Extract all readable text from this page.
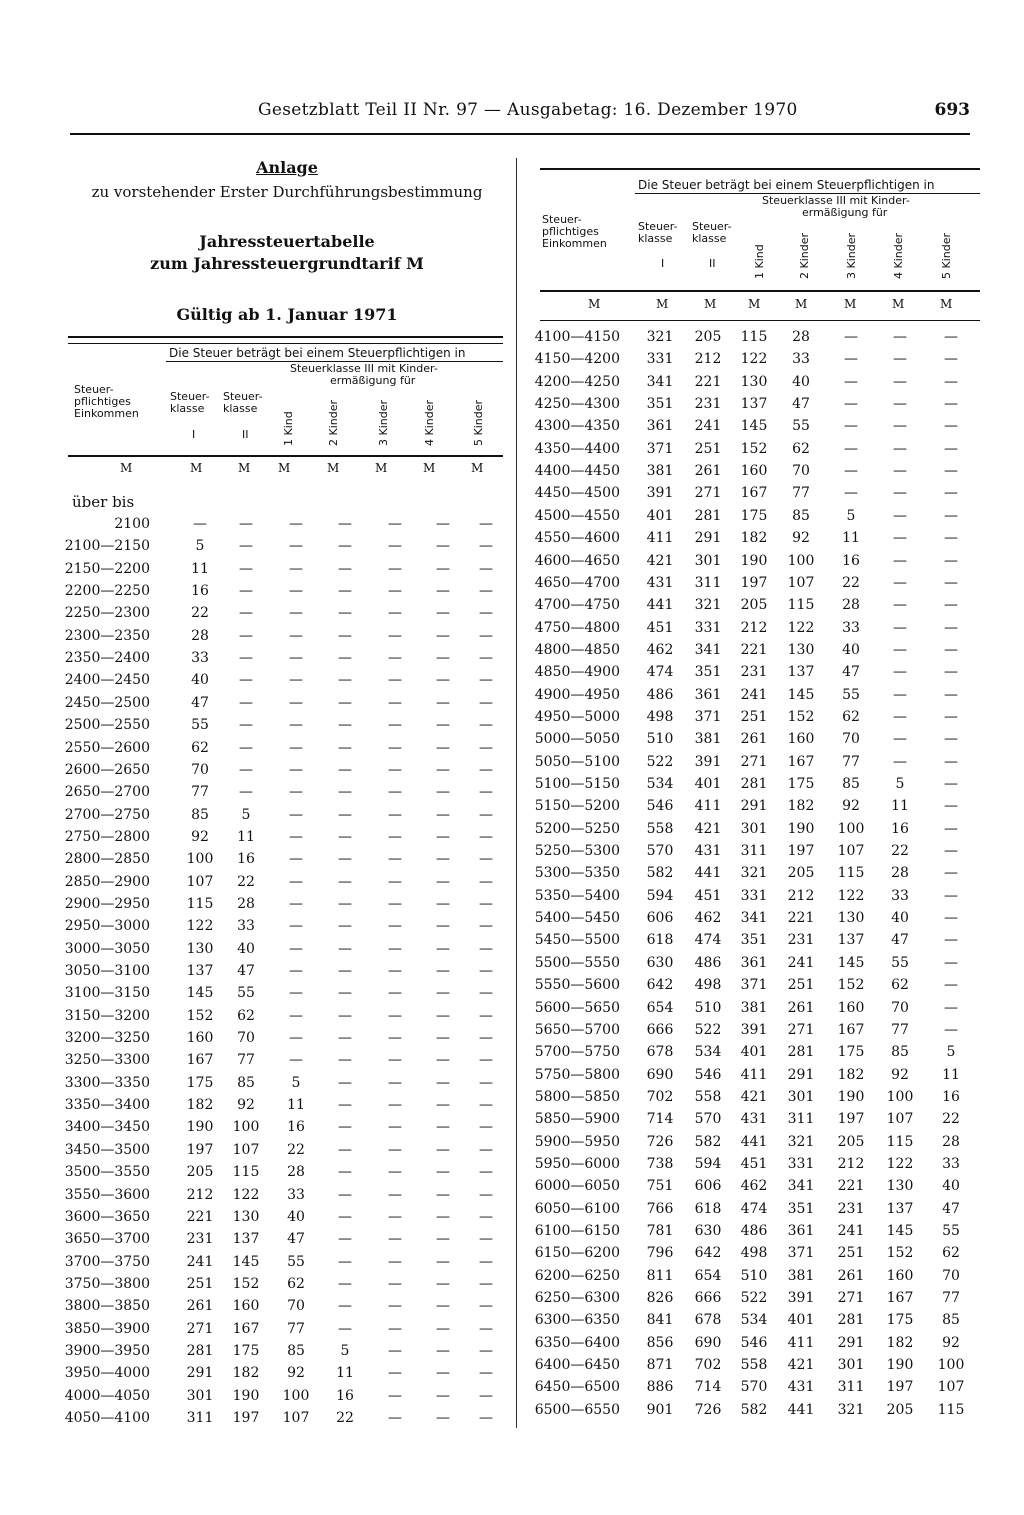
Gesetzblatt Teil II Nr. 97 — Ausgabetag: 16. Dezember 1970	693
Anlage
zu vorstehender Erster Durchführungsbestimmung
Jahressteuertabelle
zum Jahressteuergrundtarif M
Gültig ab 1. Januar 1971
Die Steuer beträgt bei einem Steuerpflichtigen in
Steuerklasse III mit Kinder-
ermäßigung für
Steuer-
pflichtiges
Einkommen
Steuer-
klasse
Steuer-
klasse
I	II	1 Kind	2 Kinder	3 Kinder	4 Kinder	5 Kinder
M	M	M M	M	M	M	M
über bis
2100	— —	—	—	— — —
2100—2150	5 —	—	—	— — —
2150—2200	11 —	—	—	— — —
2200—2250	16 —	—	—	— — —
2250—2300	22 —	—	—	— — —
2300—2350	28 —	—	—	— — —
2350—2400	33 —	—	—	— — —
2400—2450	40 —	—	—	— — —
2450—2500	47 —	—	—	— — —
2500—2550	55 —	—	—	— — —
2550—2600	62 —	—	—	— — —
2600—2650	70 —	—	—	— — —
2650—2700	77 —	—	—	— — —
2700—2750	85 5	—	—	— — —
2750—2800	92 11 —	—	— — —
2800—2850	100 16 —	—	— — —
2850—2900	107 22 —	—	— — —
2900—2950	115 28 —	—	— — —
2950—3000	122 33 —	—	— — —
3000—3050	130 40 —	—	— — —
3050—3100	137 47 —	—	— — —
3100—3150	145 55 —	—	— — —
3150—3200	152 62 —	—	— — —
3200—3250	160 70 —	—	— — —
3250—3300	167 77 —	—	— — —
3300—3350	175 85	5	—	— — —
3350—3400	182 92 11 —	— — —
3400—3450	190 100 16 —	— — —
3450—3500	197 107 22 —	— — —
3500—3550	205 115 28 —	— — —
3550—3600	212 122 33 —	— — —
3600—3650	221 130 40 —	— — —
3650—3700	231 137 47 —	— — —
3700—3750	241 145 55 —	— — —
3750—3800	251 152 62 —	— — —
3800—3850	261 160 70 —	— — —
3850—3900	271 167 77 —	— — —
3900—3950	281 175 85	5	— — —
3950—4000	291 182 92 11 — — —
4000—4050	301 190 100 16 — — —
4050—4100	311 197 107 22 — — —
Die Steuer beträgt bei einem Steuerpflichtigen in
Steuerklasse III mit Kinder-
ermäßigung für
Steuer-
pflichtiges
Einkommen
Steuer-
klasse
Steuer-
klasse
I	II	1 Kind	2 Kinder	3 Kinder	4 Kinder	5 Kinder
M	M	M	M	M	M	M	M
4100—4150 321 205 115 28 —	—	—
4150—4200 331 212 122 33 —	—	—
4200—4250 341 221 130 40 —	—	—
4250—4300 351 231 137 47 —	—	—
4300—4350 361 241 145 55 —	—	—
4350—4400 371 251 152 62 —	—	—
4400—4450 381 261 160 70 —	—	—
4450—4500 391 271 167 77 —	—	—
4500—4550 401 281 175 85	5	—	—
4550—4600 411 291 182 92 11 —	—
4600—4650 421 301 190 100 16 —	—
4650—4700 431 311 197 107 22 —	—
4700—4750 441 321 205 115 28 —	—
4750—4800 451 331 212 122 33 —	—
4800—4850 462 341 221 130 40 —	—
4850—4900 474 351 231 137 47 —	—
4900—4950 486 361 241 145 55 —	—
4950—5000 498 371 251 152 62 —	—
5000—5050 510 381 261 160 70 —	—
5050—5100 522 391 271 167 77 —	—
5100—5150 534 401 281 175 85	5	—
5150—5200 546 411 291 182 92 11	—
5200—5250 558 421 301 190 100 16	—
5250—5300 570 431 311 197 107 22	—
5300—5350 582 441 321 205 115 28	—
5350—5400 594 451 331 212 122 33	—
5400—5450 606 462 341 221 130 40	—
5450—5500 618 474 351 231 137 47	—
5500—5550 630 486 361 241 145 55	—
5550—5600 642 498 371 251 152 62	—
5600—5650 654 510 381 261 160 70	—
5650—5700 666 522 391 271 167 77	—
5700—5750 678 534 401 281 175 85	5
5750—5800 690 546 411 291 182 92 11
5800—5850 702 558 421 301 190 100 16
5850—5900 714 570 431 311 197 107 22
5900—5950 726 582 441 321 205 115 28
5950—6000 738 594 451 331 212 122 33
6000—6050 751 606 462 341 221 130 40
6050—6100 766 618 474 351 231 137 47
6100—6150 781 630 486 361 241 145 55
6150—6200 796 642 498 371 251 152 62
6200—6250 811 654 510 381 261 160 70
6250—6300 826 666 522 391 271 167 77
6300—6350 841 678 534 401 281 175 85
6350—6400 856 690 546 411 291 182 92
6400—6450 871 702 558 421 301 190 100
6450—6500 886 714 570 431 311 197 107
6500—6550 901 726 582 441 321 205 115
